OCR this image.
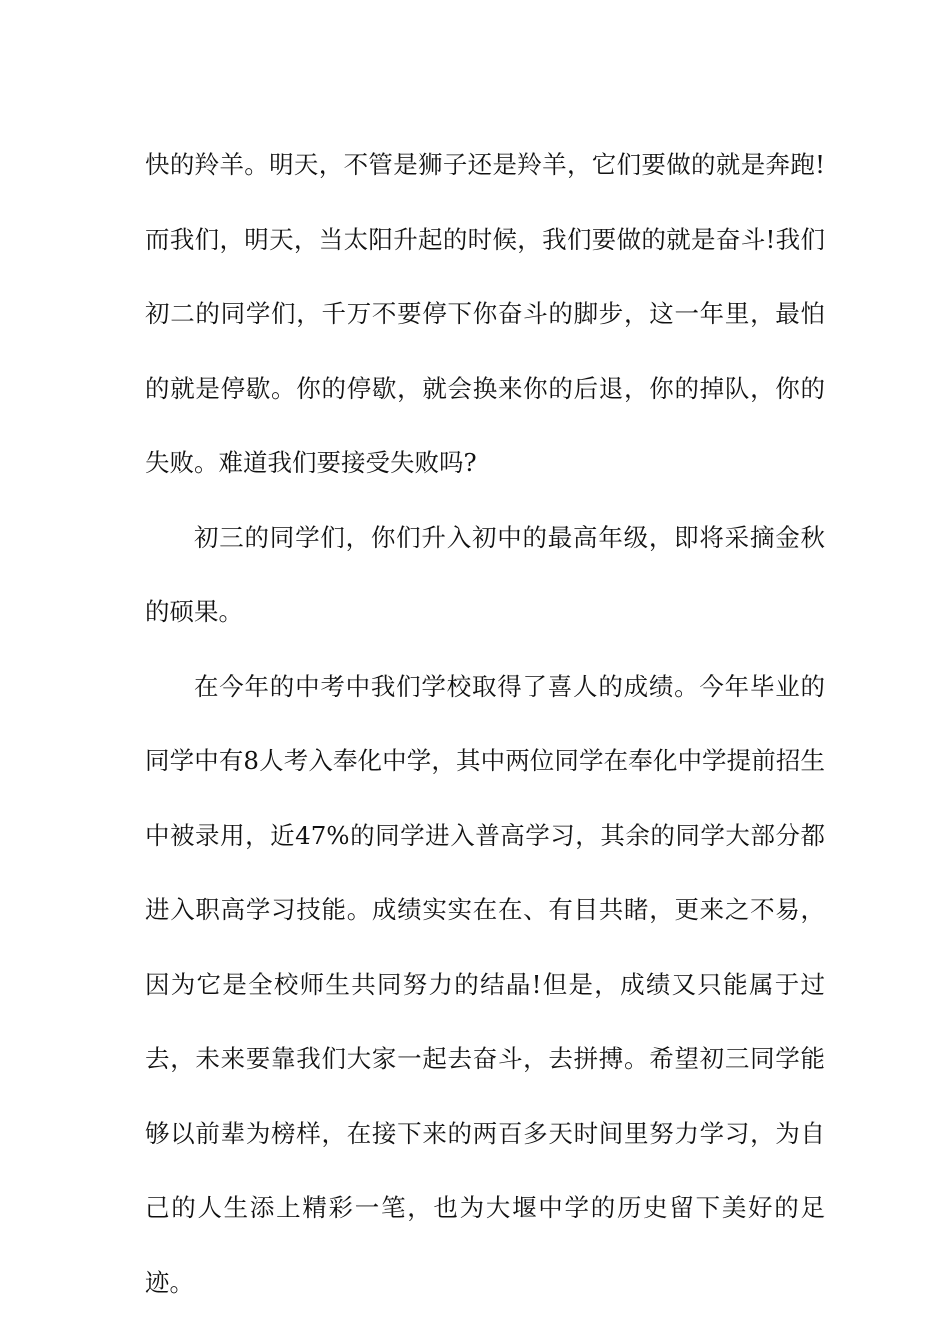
快的羚羊。明天，不管是狮子还是羚羊，它们要做的就是奔跑!而我们，明天，当太阳升起的时候，我们要做的就是奋斗!我们初二的同学们，千万不要停下你奋斗的脚步，这一年里，最怕的就是停歇。你的停歇，就会换来你的后退，你的掉队，你的失败。难道我们要接受失败吗?

初三的同学们，你们升入初中的最高年级，即将采摘金秋的硕果。

在今年的中考中我们学校取得了喜人的成绩。今年毕业的同学中有8人考入奉化中学，其中两位同学在奉化中学提前招生中被录用，近47%的同学进入普高学习，其余的同学大部分都进入职高学习技能。成绩实实在在、有目共睹，更来之不易，因为它是全校师生共同努力的结晶!但是，成绩又只能属于过去，未来要靠我们大家一起去奋斗，去拼搏。希望初三同学能够以前辈为榜样，在接下来的两百多天时间里努力学习，为自己的人生添上精彩一笔，也为大堰中学的历史留下美好的足迹。
